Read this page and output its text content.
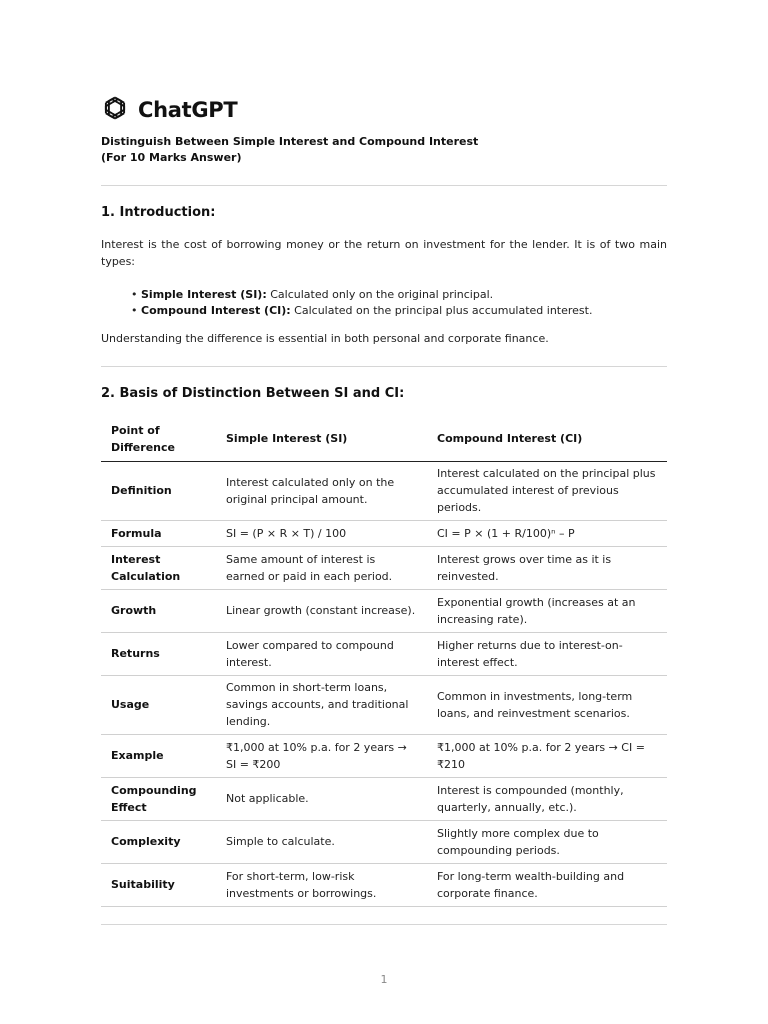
ChatGPT
Distinguish Between Simple Interest and Compound Interest
(For 10 Marks Answer)
1. Introduction:

Interest is the cost of borrowing money or the return on investment for the lender. It is of two main types:

• Simple Interest (SI): Calculated only on the original principal.
• Compound Interest (CI): Calculated on the principal plus accumulated interest.

Understanding the difference is essential in both personal and corporate finance.

2. Basis of Distinction Between SI and CI:
Point of Difference	Simple Interest (SI)	Compound Interest (CI)
Definition	Interest calculated only on the original principal amount.	Interest calculated on the principal plus accumulated interest of previous periods.
Formula	SI = (P × R × T) / 100	CI = P × (1 + R/100)ⁿ – P
Interest Calculation	Same amount of interest is earned or paid in each period.	Interest grows over time as it is reinvested.
Growth	Linear growth (constant increase).	Exponential growth (increases at an increasing rate).
Returns	Lower compared to compound interest.	Higher returns due to interest-on-interest effect.
Usage	Common in short-term loans, savings accounts, and traditional lending.	Common in investments, long-term loans, and reinvestment scenarios.
Example	₹1,000 at 10% p.a. for 2 years → SI = ₹200	₹1,000 at 10% p.a. for 2 years → CI = ₹210
Compounding Effect	Not applicable.	Interest is compounded (monthly, quarterly, annually, etc.).
Complexity	Simple to calculate.	Slightly more complex due to compounding periods.
Suitability	For short-term, low-risk investments or borrowings.	For long-term wealth-building and corporate finance.
1
